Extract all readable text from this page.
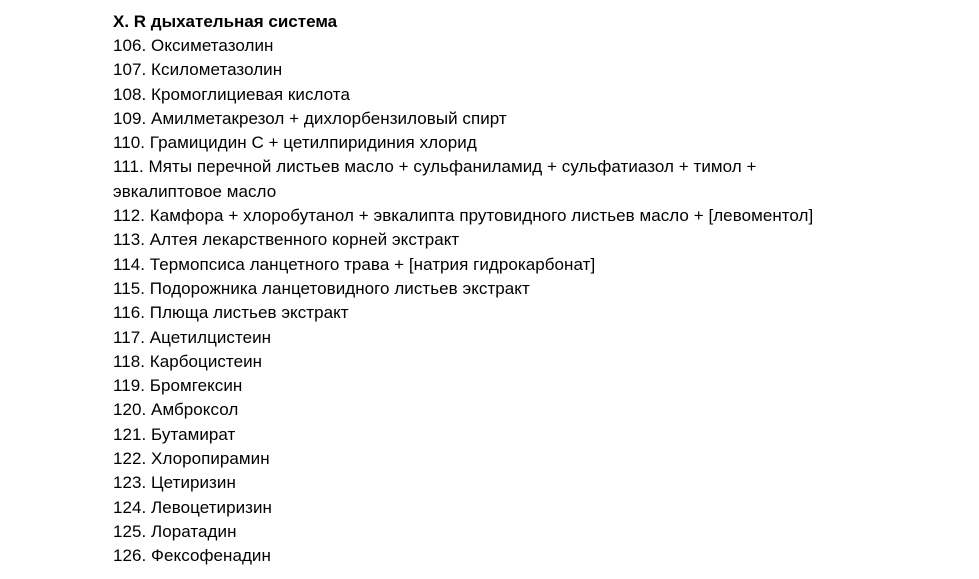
X. R дыхательная система
106. Оксиметазолин
107. Ксилометазолин
108. Кромоглициевая кислота
109. Амилметакрезол + дихлорбензиловый спирт
110. Грамицидин С + цетилпиридиния хлорид
111. Мяты перечной листьев масло + сульфаниламид + сульфатиазол + тимол +
эвкалиптовое масло
112. Камфора + хлоробутанол + эвкалипта прутовидного листьев масло + [левоментол]
113. Алтея лекарственного корней экстракт
114. Термопсиса ланцетного трава + [натрия гидрокарбонат]
115. Подорожника ланцетовидного листьев экстракт
116. Плюща листьев экстракт
117. Ацетилцистеин
118. Карбоцистеин
119. Бромгексин
120. Амброксол
121. Бутамират
122. Хлоропирамин
123. Цетиризин
124. Левоцетиризин
125. Лоратадин
126. Фексофенадин
